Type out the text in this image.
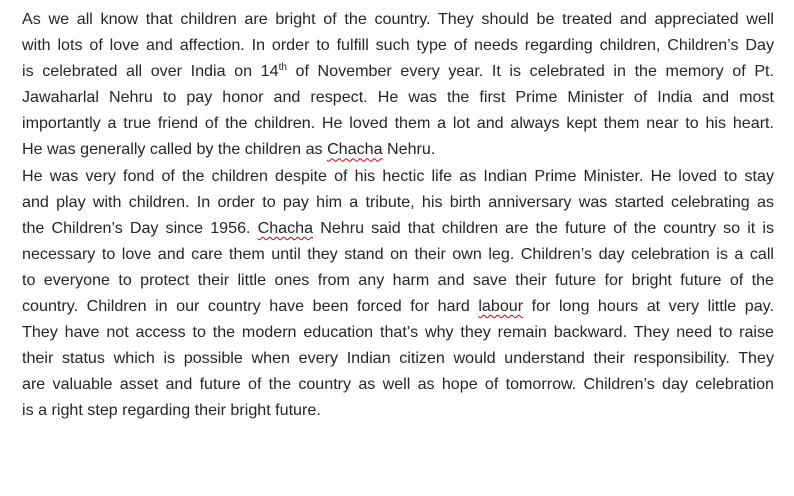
As we all know that children are bright of the country. They should be treated and appreciated well
with lots of love and affection. In order to fulfill such type of needs regarding children, Children’s Day
is celebrated all over India on 14th of November every year. It is celebrated in the memory of Pt.
Jawaharlal Nehru to pay honor and respect. He was the first Prime Minister of India and most
importantly a true friend of the children. He loved them a lot and always kept them near to his heart.
He was generally called by the children as Chacha Nehru.

He was very fond of the children despite of his hectic life as Indian Prime Minister. He loved to stay
and play with children. In order to pay him a tribute, his birth anniversary was started celebrating as
the Children’s Day since 1956. Chacha Nehru said that children are the future of the country so it is
necessary to love and care them until they stand on their own leg. Children’s day celebration is a call
to everyone to protect their little ones from any harm and save their future for bright future of the
country. Children in our country have been forced for hard labour for long hours at very little pay.
They have not access to the modern education that’s why they remain backward. They need to raise
their status which is possible when every Indian citizen would understand their responsibility. They
are valuable asset and future of the country as well as hope of tomorrow. Children’s day celebration
is a right step regarding their bright future.
